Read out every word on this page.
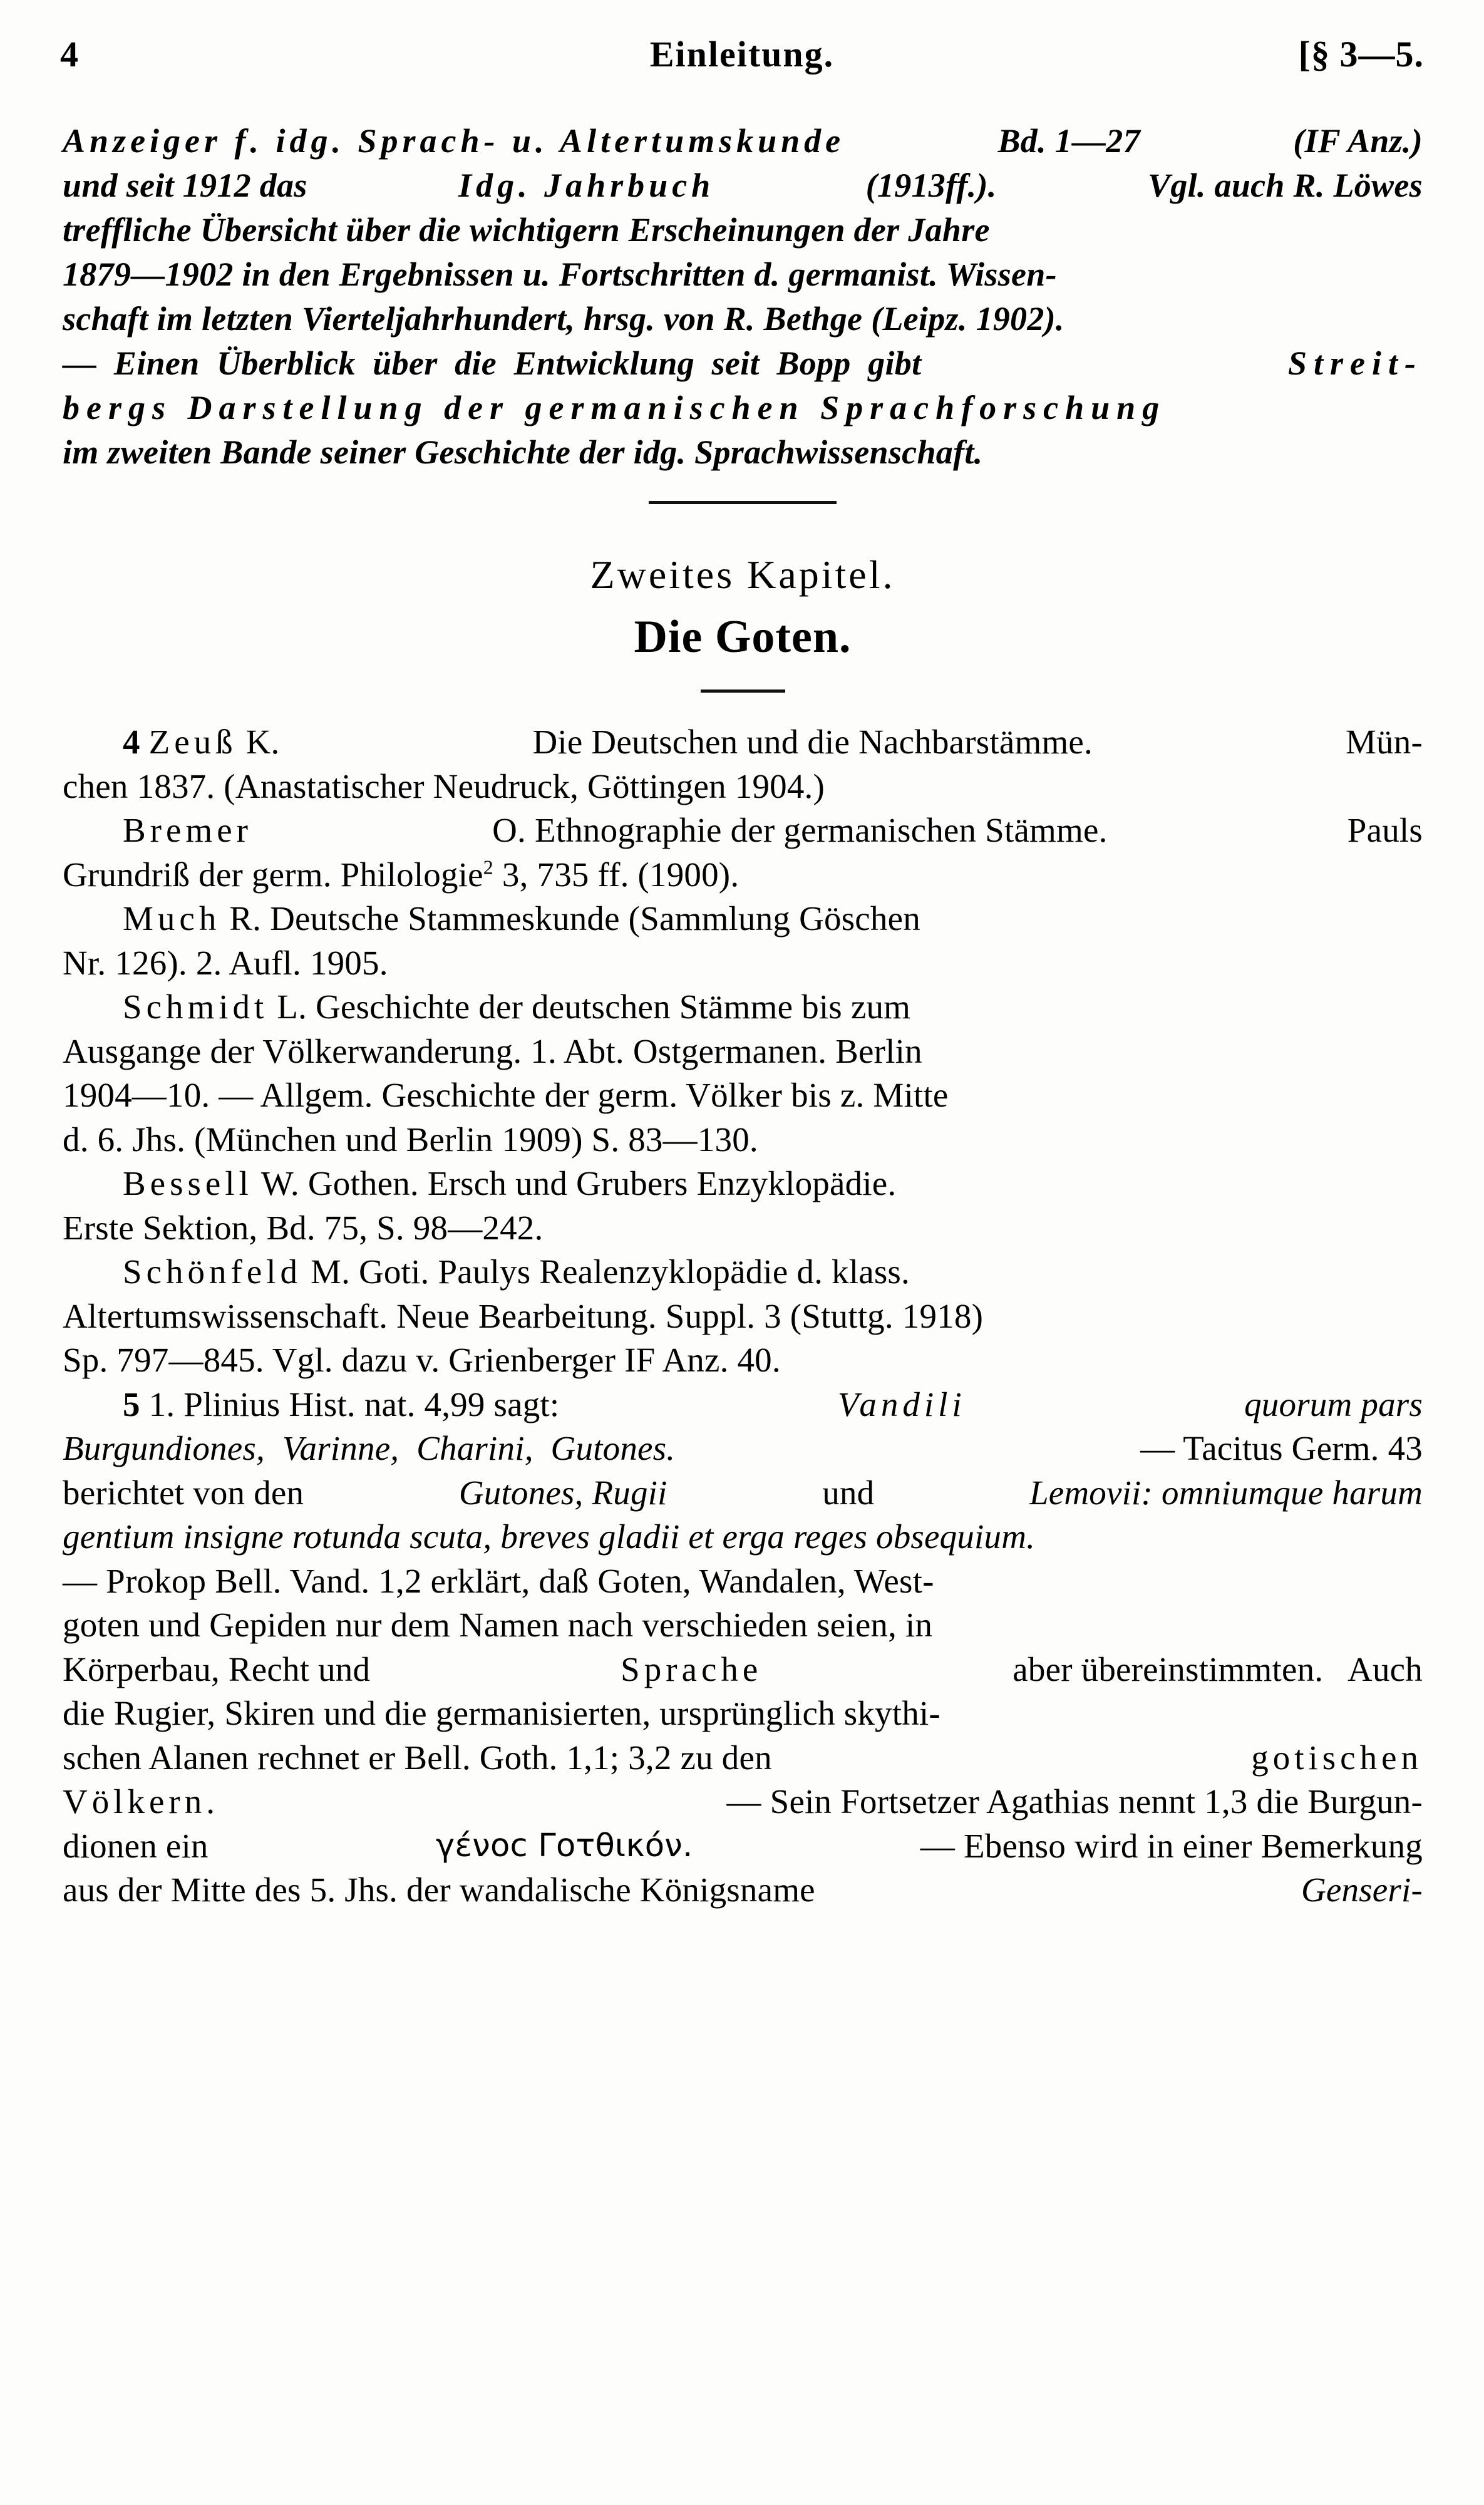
4	Einleitung.	[§ 3—5.
Anzeiger f. idg. Sprach- u. Altertumskunde	Bd. 1—27	(IF Anz.)
und seit 1912 das	Idg. Jahrbuch	(1913ff.).	Vgl. auch R. Löwes
treffliche Übersicht über die wichtigern Erscheinungen der Jahre
1879—1902 in den Ergebnissen u. Fortschritten d. germanist. Wissen-
schaft im letzten Vierteljahrhundert, hrsg. von R. Bethge (Leipz. 1902).
—  Einen  Überblick  über  die  Entwicklung  seit  Bopp  gibt	Streit-
bergs Darstellung der germanischen Sprachforschung
im zweiten Bande seiner Geschichte der idg. Sprachwissenschaft.
Zweites Kapitel.
Die Goten.
4 Zeuß K.	Die Deutschen und die Nachbarstämme.	Mün-
chen 1837. (Anastatischer Neudruck, Göttingen 1904.)
Bremer	O. Ethnographie der germanischen Stämme.	Pauls
Grundriß der germ. Philologie$^2$ 3, 735 ff. (1900).
Much R. Deutsche Stammeskunde (Sammlung Göschen
Nr. 126). 2. Aufl. 1905.
Schmidt L. Geschichte der deutschen Stämme bis zum
Ausgange der Völkerwanderung. 1. Abt. Ostgermanen. Berlin
1904—10. — Allgem. Geschichte der germ. Völker bis z. Mitte
d. 6. Jhs. (München und Berlin 1909) S. 83—130.
Bessell W. Gothen. Ersch und Grubers Enzyklopädie.
Erste Sektion, Bd. 75, S. 98—242.
Schönfeld M. Goti. Paulys Realenzyklopädie d. klass.
Altertumswissenschaft. Neue Bearbeitung. Suppl. 3 (Stuttg. 1918)
Sp. 797—845. Vgl. dazu v. Grienberger IF Anz. 40.
5 1. Plinius Hist. nat. 4,99 sagt:	Vandili	quorum pars
Burgundiones,  Varinne,  Charini,  Gutones.	— Tacitus Germ. 43
berichtet von den	Gutones, Rugii	und	Lemovii: omniumque harum
gentium insigne rotunda scuta, breves gladii et erga reges obsequium.
— Prokop Bell. Vand. 1,2 erklärt, daß Goten, Wandalen, West-
goten und Gepiden nur dem Namen nach verschieden seien, in
Körperbau, Recht und	Sprache	aber übereinstimmten.   Auch
die Rugier, Skiren und die germanisierten, ursprünglich skythi-
schen Alanen rechnet er Bell. Goth. 1,1; 3,2 zu den	gotischen
Völkern.	— Sein Fortsetzer Agathias nennt 1,3 die Burgun-
dionen ein	γένοϲ Γοτθικόν.	— Ebenso wird in einer Bemerkung
aus der Mitte des 5. Jhs. der wandalische Königsname	Genseri-
